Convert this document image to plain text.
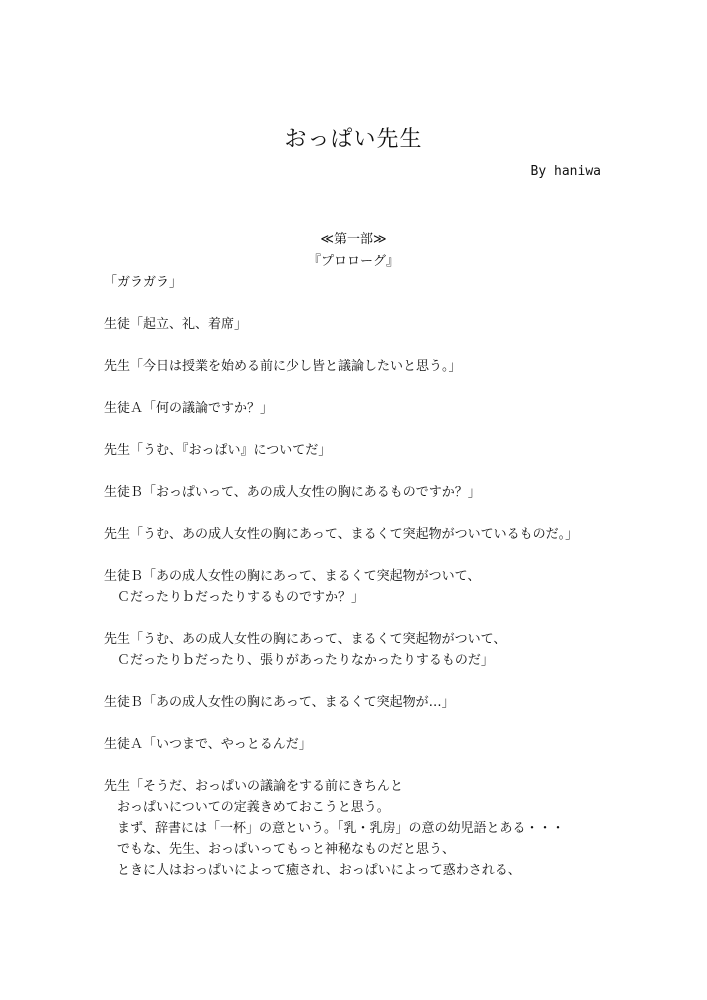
おっぱい先生
By haniwa
≪第一部≫
『プロローグ』
「ガラガラ」
生徒「起立、礼、着席」
先生「今日は授業を始める前に少し皆と議論したいと思う。」
生徒Ａ「何の議論ですか？」
先生「うむ、『おっぱい』についてだ」
生徒Ｂ「おっぱいって、あの成人女性の胸にあるものですか？」
先生「うむ、あの成人女性の胸にあって、まるくて突起物がついているものだ。」
生徒Ｂ「あの成人女性の胸にあって、まるくて突起物がついて、
Ｃだったりｂだったりするものですか？」
先生「うむ、あの成人女性の胸にあって、まるくて突起物がついて、
Ｃだったりｂだったり、張りがあったりなかったりするものだ」
生徒Ｂ「あの成人女性の胸にあって、まるくて突起物が…」
生徒Ａ「いつまで、やっとるんだ」
先生「そうだ、おっぱいの議論をする前にきちんと
おっぱいについての定義きめておこうと思う。
まず、辞書には「一杯」の意という。「乳・乳房」の意の幼児語とある・・・
でもな、先生、おっぱいってもっと神秘なものだと思う、
ときに人はおっぱいによって癒され、おっぱいによって惑わされる、
